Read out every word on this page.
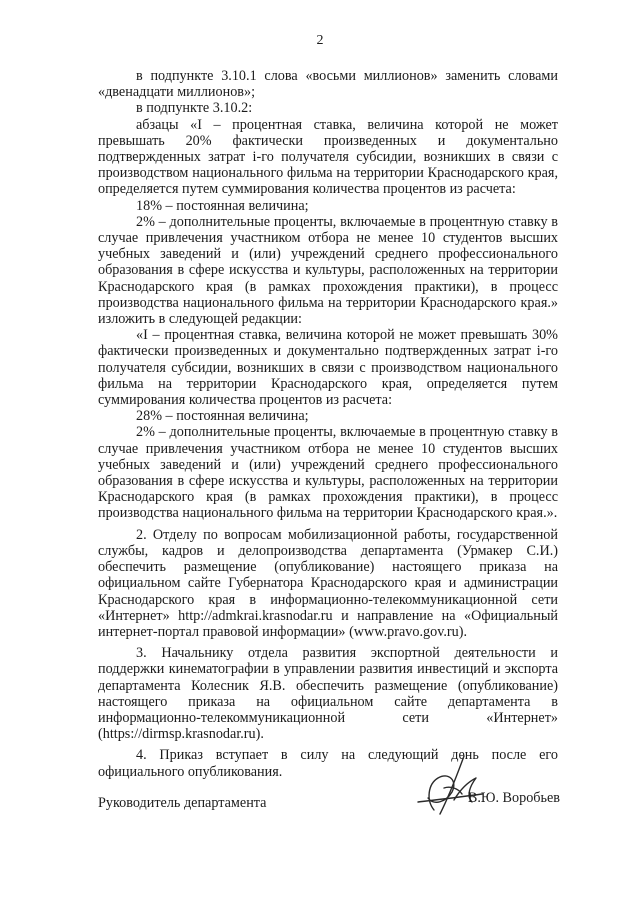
2

в подпункте 3.10.1 слова «восьми миллионов» заменить словами «двенадцати миллионов»;

в подпункте 3.10.2:

абзацы «I – процентная ставка, величина которой не может превышать 20% фактически произведенных и документально подтвержденных затрат i-го получателя субсидии, возникших в связи с производством национального фильма на территории Краснодарского края, определяется путем суммирования количества процентов из расчета:

18% – постоянная величина;

2% – дополнительные проценты, включаемые в процентную ставку в случае привлечения участником отбора не менее 10 студентов высших учебных заведений и (или) учреждений среднего профессионального образования в сфере искусства и культуры, расположенных на территории Краснодарского края (в рамках прохождения практики), в процесс производства национального фильма на территории Краснодарского края.» изложить в следующей редакции:

«I – процентная ставка, величина которой не может превышать 30% фактически произведенных и документально подтвержденных затрат i-го получателя субсидии, возникших в связи с производством национального фильма на территории Краснодарского края, определяется путем суммирования количества процентов из расчета:

28% – постоянная величина;

2% – дополнительные проценты, включаемые в процентную ставку в случае привлечения участником отбора не менее 10 студентов высших учебных заведений и (или) учреждений среднего профессионального образования в сфере искусства и культуры, расположенных на территории Краснодарского края (в рамках прохождения практики), в процесс производства национального фильма на территории Краснодарского края.».

2. Отделу по вопросам мобилизационной работы, государственной службы, кадров и делопроизводства департамента (Урмакер С.И.) обеспечить размещение (опубликование) настоящего приказа на официальном сайте Губернатора Краснодарского края и администрации Краснодарского края в информационно-телекоммуникационной сети «Интернет» http://admkrai.krasnodar.ru и направление на «Официальный интернет-портал правовой информации» (www.pravo.gov.ru).

3. Начальнику отдела развития экспортной деятельности и поддержки кинематографии в управлении развития инвестиций и экспорта департамента Колесник Я.В. обеспечить размещение (опубликование) настоящего приказа на официальном сайте департамента в информационно-телекоммуникационной сети «Интернет» (https://dirmsp.krasnodar.ru).

4. Приказ вступает в силу на следующий день после его официального опубликования.

Руководитель департамента	В.Ю. Воробьев
